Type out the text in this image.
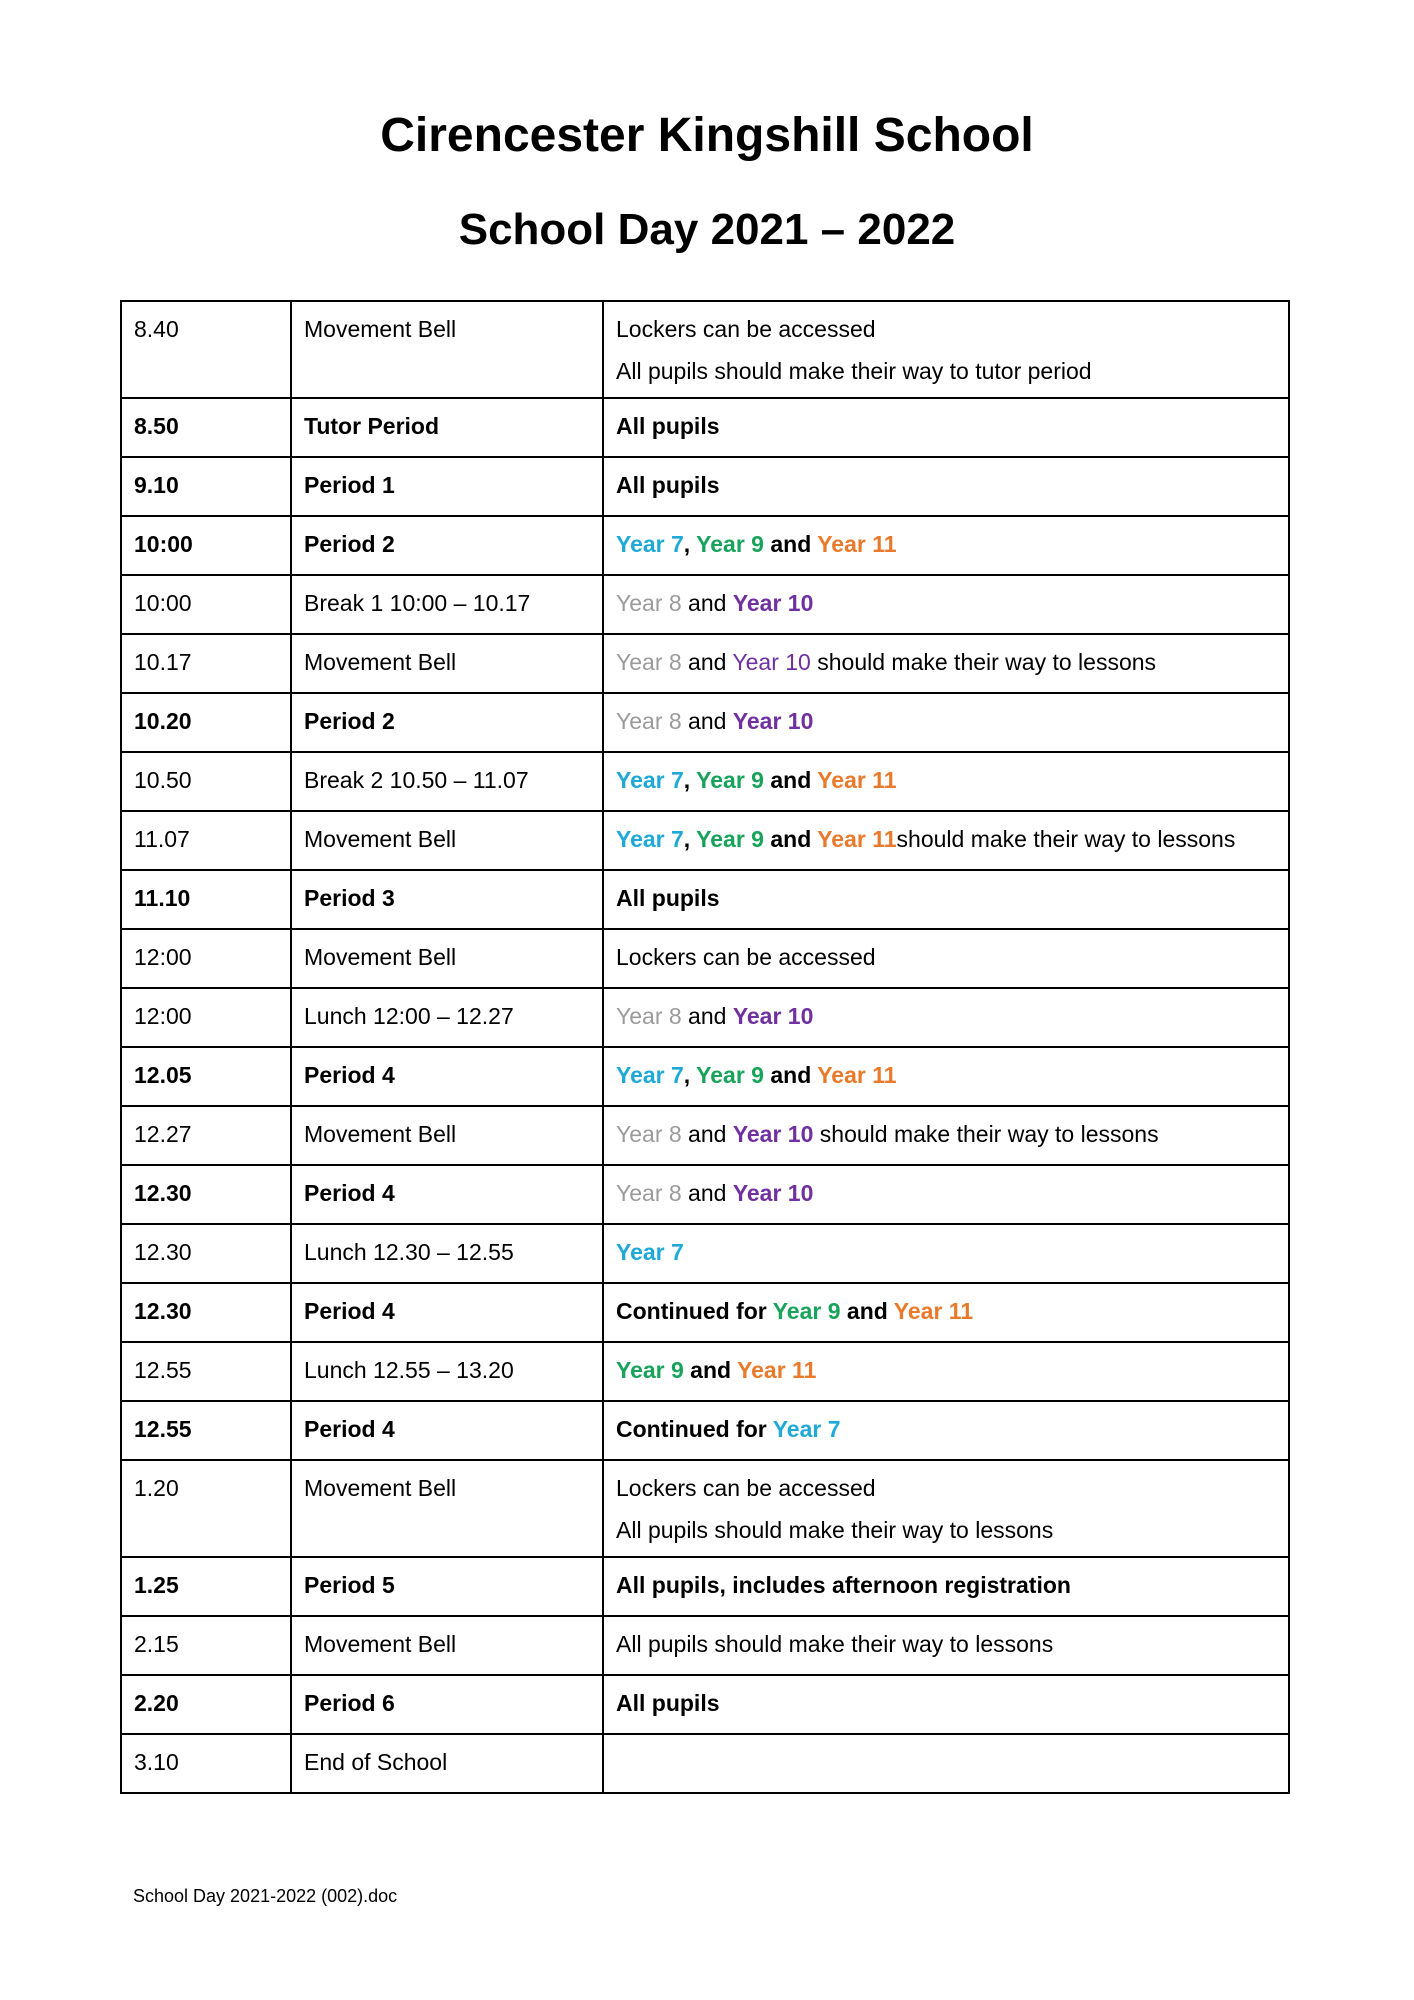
Cirencester Kingshill School
School Day 2021 – 2022
8.40	Movement Bell	Lockers can be accessed
All pupils should make their way to tutor period

8.50	Tutor Period	All pupils
9.10	Period 1	All pupils
10:00	Period 2	Year 7, Year 9 and Year 11
10:00	Break 1 10:00 – 10.17	Year 8 and Year 10
10.17	Movement Bell	Year 8 and Year 10 should make their way to lessons
10.20	Period 2	Year 8 and Year 10
10.50	Break 2 10.50 – 11.07	Year 7, Year 9 and Year 11
11.07	Movement Bell	Year 7, Year 9 and Year 11should make their way to lessons
11.10	Period 3	All pupils
12:00	Movement Bell	Lockers can be accessed
12:00	Lunch 12:00 – 12.27	Year 8 and Year 10
12.05	Period 4	Year 7, Year 9 and Year 11
12.27	Movement Bell	Year 8 and Year 10 should make their way to lessons
12.30	Period 4	Year 8 and Year 10
12.30	Lunch 12.30 – 12.55	Year 7
12.30	Period 4	Continued for Year 9 and Year 11
12.55	Lunch 12.55 – 13.20	Year 9 and Year 11
12.55	Period 4	Continued for Year 7
1.20	Movement Bell	Lockers can be accessed
All pupils should make their way to lessons

1.25	Period 5	All pupils, includes afternoon registration
2.15	Movement Bell	All pupils should make their way to lessons
2.20	Period 6	All pupils
3.10	End of School	
School Day 2021-2022 (002).doc
